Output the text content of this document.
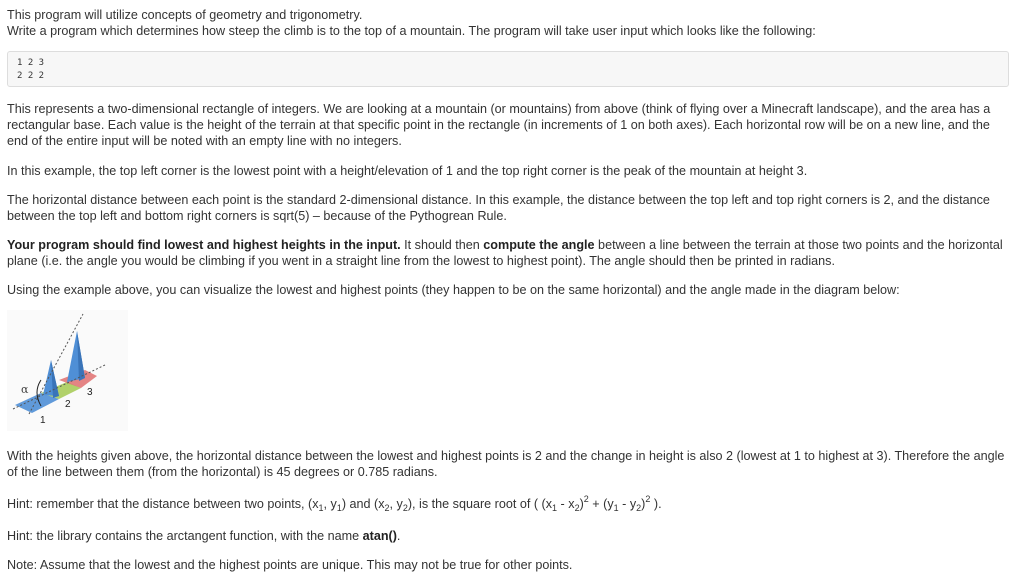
This program will utilize concepts of geometry and trigonometry.

Write a program which determines how steep the climb is to the top of a mountain. The program will take user input which looks like the following:

1 2 3
2 2 2

This represents a two-dimensional rectangle of integers. We are looking at a mountain (or mountains) from above (think of flying over a Minecraft landscape), and the area has a rectangular base. Each value is the height of the terrain at that specific point in the rectangle (in increments of 1 on both axes). Each horizontal row will be on a new line, and the end of the entire input will be noted with an empty line with no integers.

In this example, the top left corner is the lowest point with a height/elevation of 1 and the top right corner is the peak of the mountain at height 3.

The horizontal distance between each point is the standard 2-dimensional distance. In this example, the distance between the top left and top right corners is 2, and the distance between the top left and bottom right corners is sqrt(5) – because of the Pythogrean Rule.

Your program should find lowest and highest heights in the input. It should then compute the angle between a line between the terrain at those two points and the horizontal plane (i.e. the angle you would be climbing if you went in a straight line from the lowest to highest point). The angle should then be printed in radians.

Using the example above, you can visualize the lowest and highest points (they happen to be on the same horizontal) and the angle made in the diagram below:

α
1
2
3

With the heights given above, the horizontal distance between the lowest and highest points is 2 and the change in height is also 2 (lowest at 1 to highest at 3). Therefore the angle of the line between them (from the horizontal) is 45 degrees or 0.785 radians.

Hint: remember that the distance between two points, ($x_1$, $y_1$) and ($x_2$, $y_2$), is the square root of ( $(x_1 - x_2)^2 + (y_1 - y_2)^2$ ).

Hint: the library contains the arctangent function, with the name atan().

Note: Assume that the lowest and the highest points are unique. This may not be true for other points.
